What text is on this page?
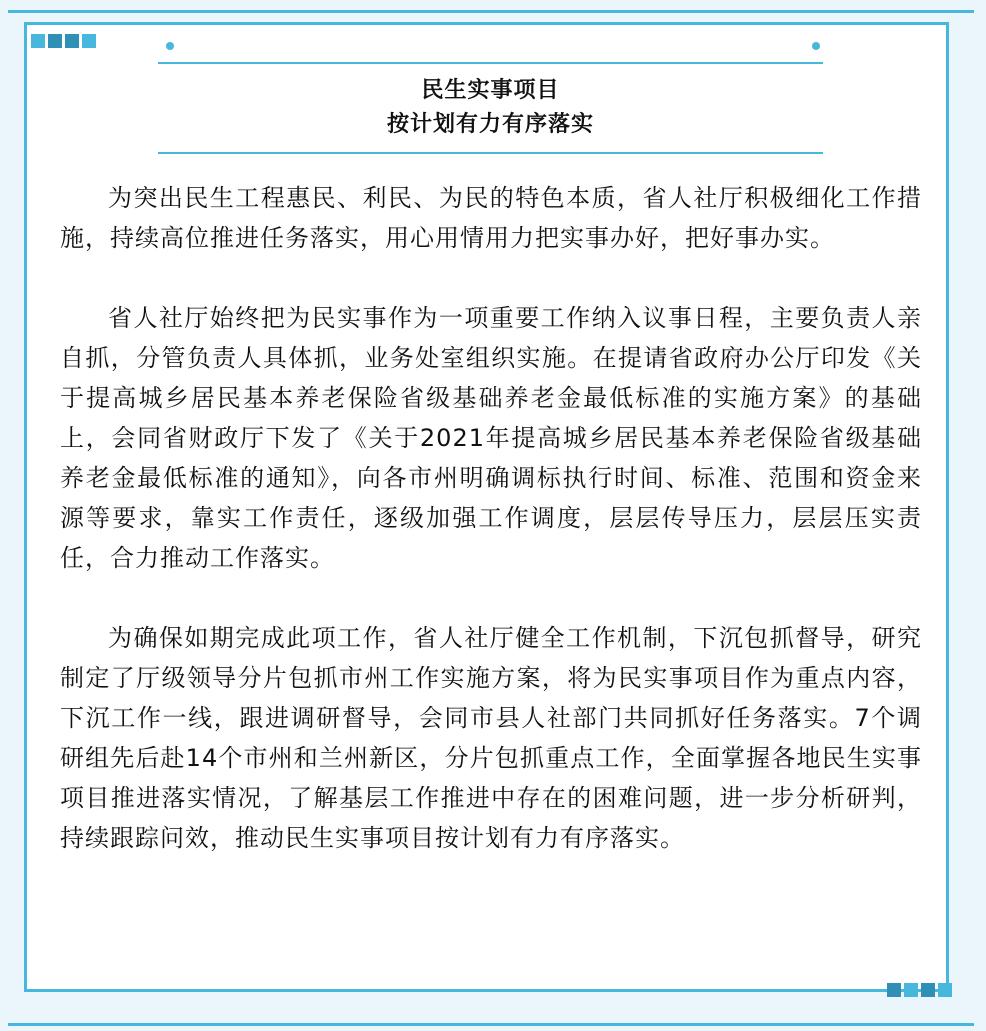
民生实事项目
按计划有力有序落实

为突出民生工程惠民、利民、为民的特色本质，省人社厅积极细化工作措施，持续高位推进任务落实，用心用情用力把实事办好，把好事办实。

省人社厅始终把为民实事作为一项重要工作纳入议事日程，主要负责人亲自抓，分管负责人具体抓，业务处室组织实施。在提请省政府办公厅印发《关于提高城乡居民基本养老保险省级基础养老金最低标准的实施方案》的基础上，会同省财政厅下发了《关于2021年提高城乡居民基本养老保险省级基础养老金最低标准的通知》，向各市州明确调标执行时间、标准、范围和资金来源等要求，靠实工作责任，逐级加强工作调度，层层传导压力，层层压实责任，合力推动工作落实。

为确保如期完成此项工作，省人社厅健全工作机制，下沉包抓督导，研究制定了厅级领导分片包抓市州工作实施方案，将为民实事项目作为重点内容，下沉工作一线，跟进调研督导，会同市县人社部门共同抓好任务落实。7个调研组先后赴14个市州和兰州新区，分片包抓重点工作，全面掌握各地民生实事项目推进落实情况，了解基层工作推进中存在的困难问题，进一步分析研判，持续跟踪问效，推动民生实事项目按计划有力有序落实。
